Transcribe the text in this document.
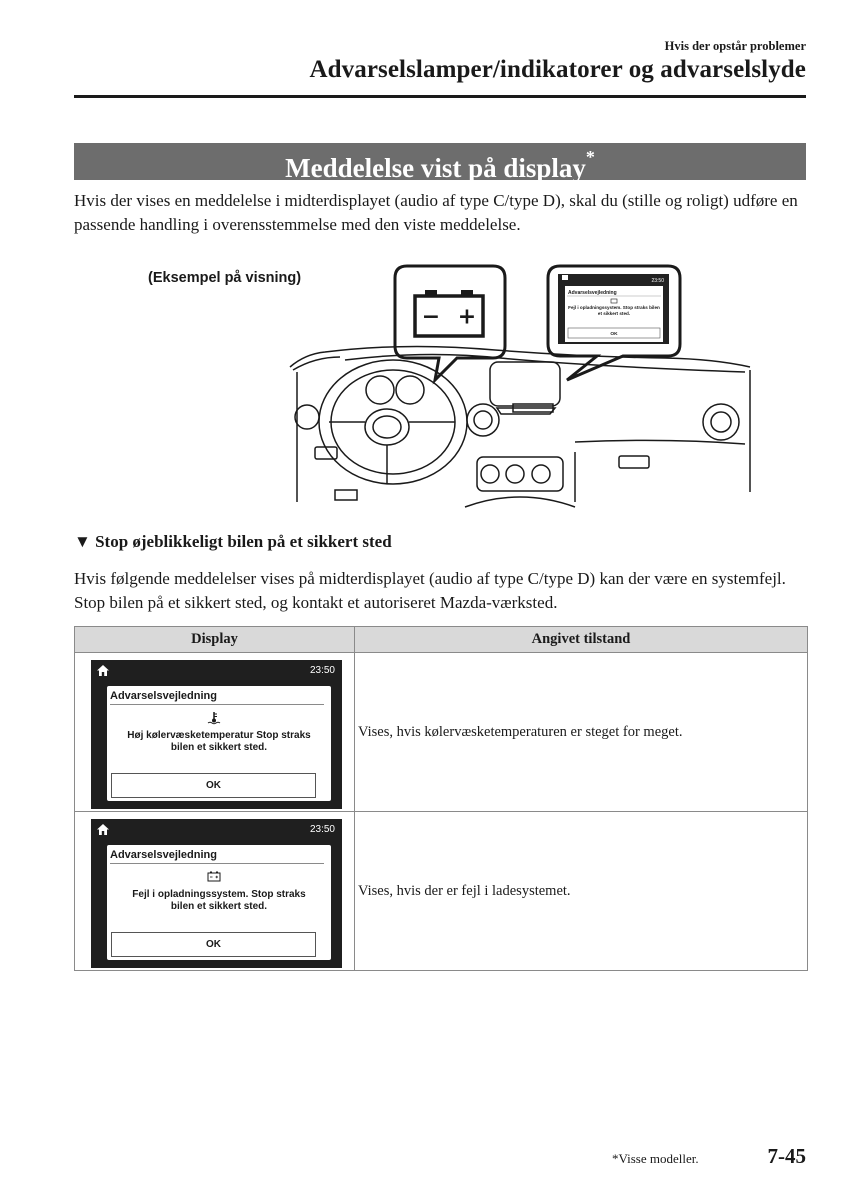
Hvis der opstår problemer
Advarselslamper/indikatorer og advarselslyde
Meddelelse vist på display*
Hvis der vises en meddelelse i midterdisplayet (audio af type C/type D), skal du (stille og roligt) udføre en passende handling i overensstemmelse med den viste meddelelse.
(Eksempel på visning)
− +
23:50
Advarselsvejledning
Fejl i opladningssystem. Stop straks bilen et sikkert sted.
OK
▼ Stop øjeblikkeligt bilen på et sikkert sted
Hvis følgende meddelelser vises på midterdisplayet (audio af type C/type D) kan der være en systemfejl. Stop bilen på et sikkert sted, og kontakt et autoriseret Mazda-værksted.
Display	Angivet tilstand

23:50
Advarselsvejledning
Høj kølervæsketemperatur Stop straks
bilen et sikkert sted.
OK	Vises, hvis kølervæsketemperaturen er steget for meget.

23:50
Advarselsvejledning
Fejl i opladningssystem. Stop straks
bilen et sikkert sted.
OK	Vises, hvis der er fejl i ladesystemet.
*Visse modeller.	7-45
